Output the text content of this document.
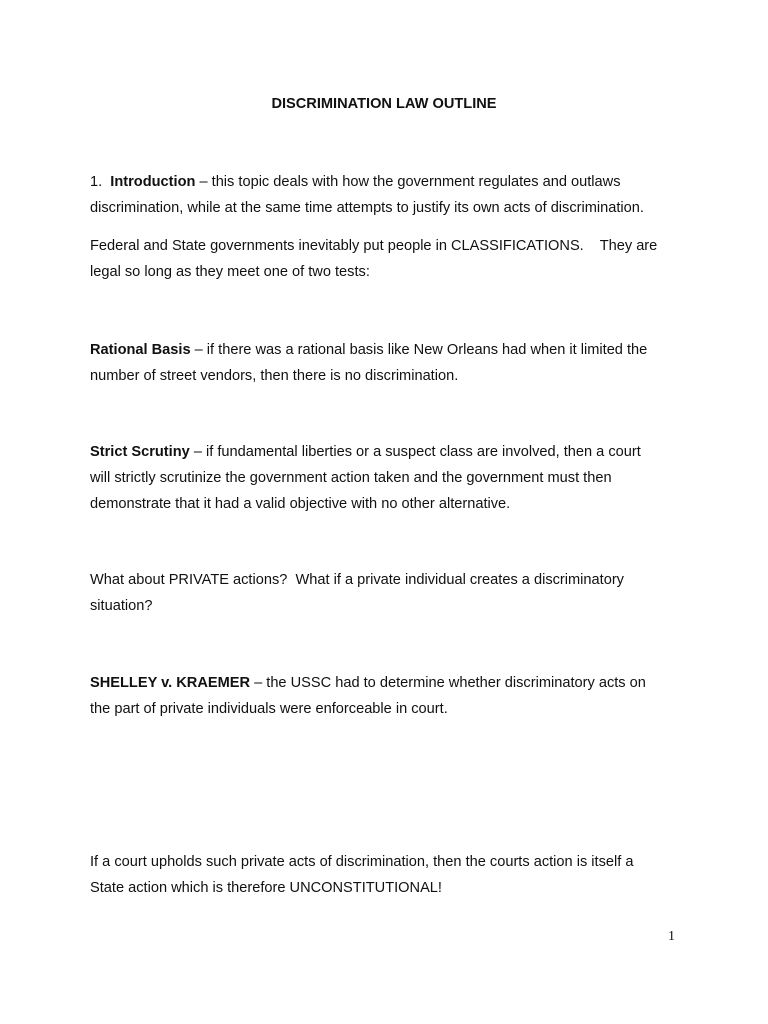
DISCRIMINATION LAW OUTLINE

1. Introduction – this topic deals with how the government regulates and outlaws
discrimination, while at the same time attempts to justify its own acts of discrimination.

Federal and State governments inevitably put people in CLASSIFICATIONS.    They are
legal so long as they meet one of two tests:

Rational Basis – if there was a rational basis like New Orleans had when it limited the
number of street vendors, then there is no discrimination.

Strict Scrutiny – if fundamental liberties or a suspect class are involved, then a court
will strictly scrutinize the government action taken and the government must then
demonstrate that it had a valid objective with no other alternative.

What about PRIVATE actions?  What if a private individual creates a discriminatory
situation?

SHELLEY v. KRAEMER – the USSC had to determine whether discriminatory acts on
the part of private individuals were enforceable in court.

If a court upholds such private acts of discrimination, then the courts action is itself a
State action which is therefore UNCONSTITUTIONAL!

1
